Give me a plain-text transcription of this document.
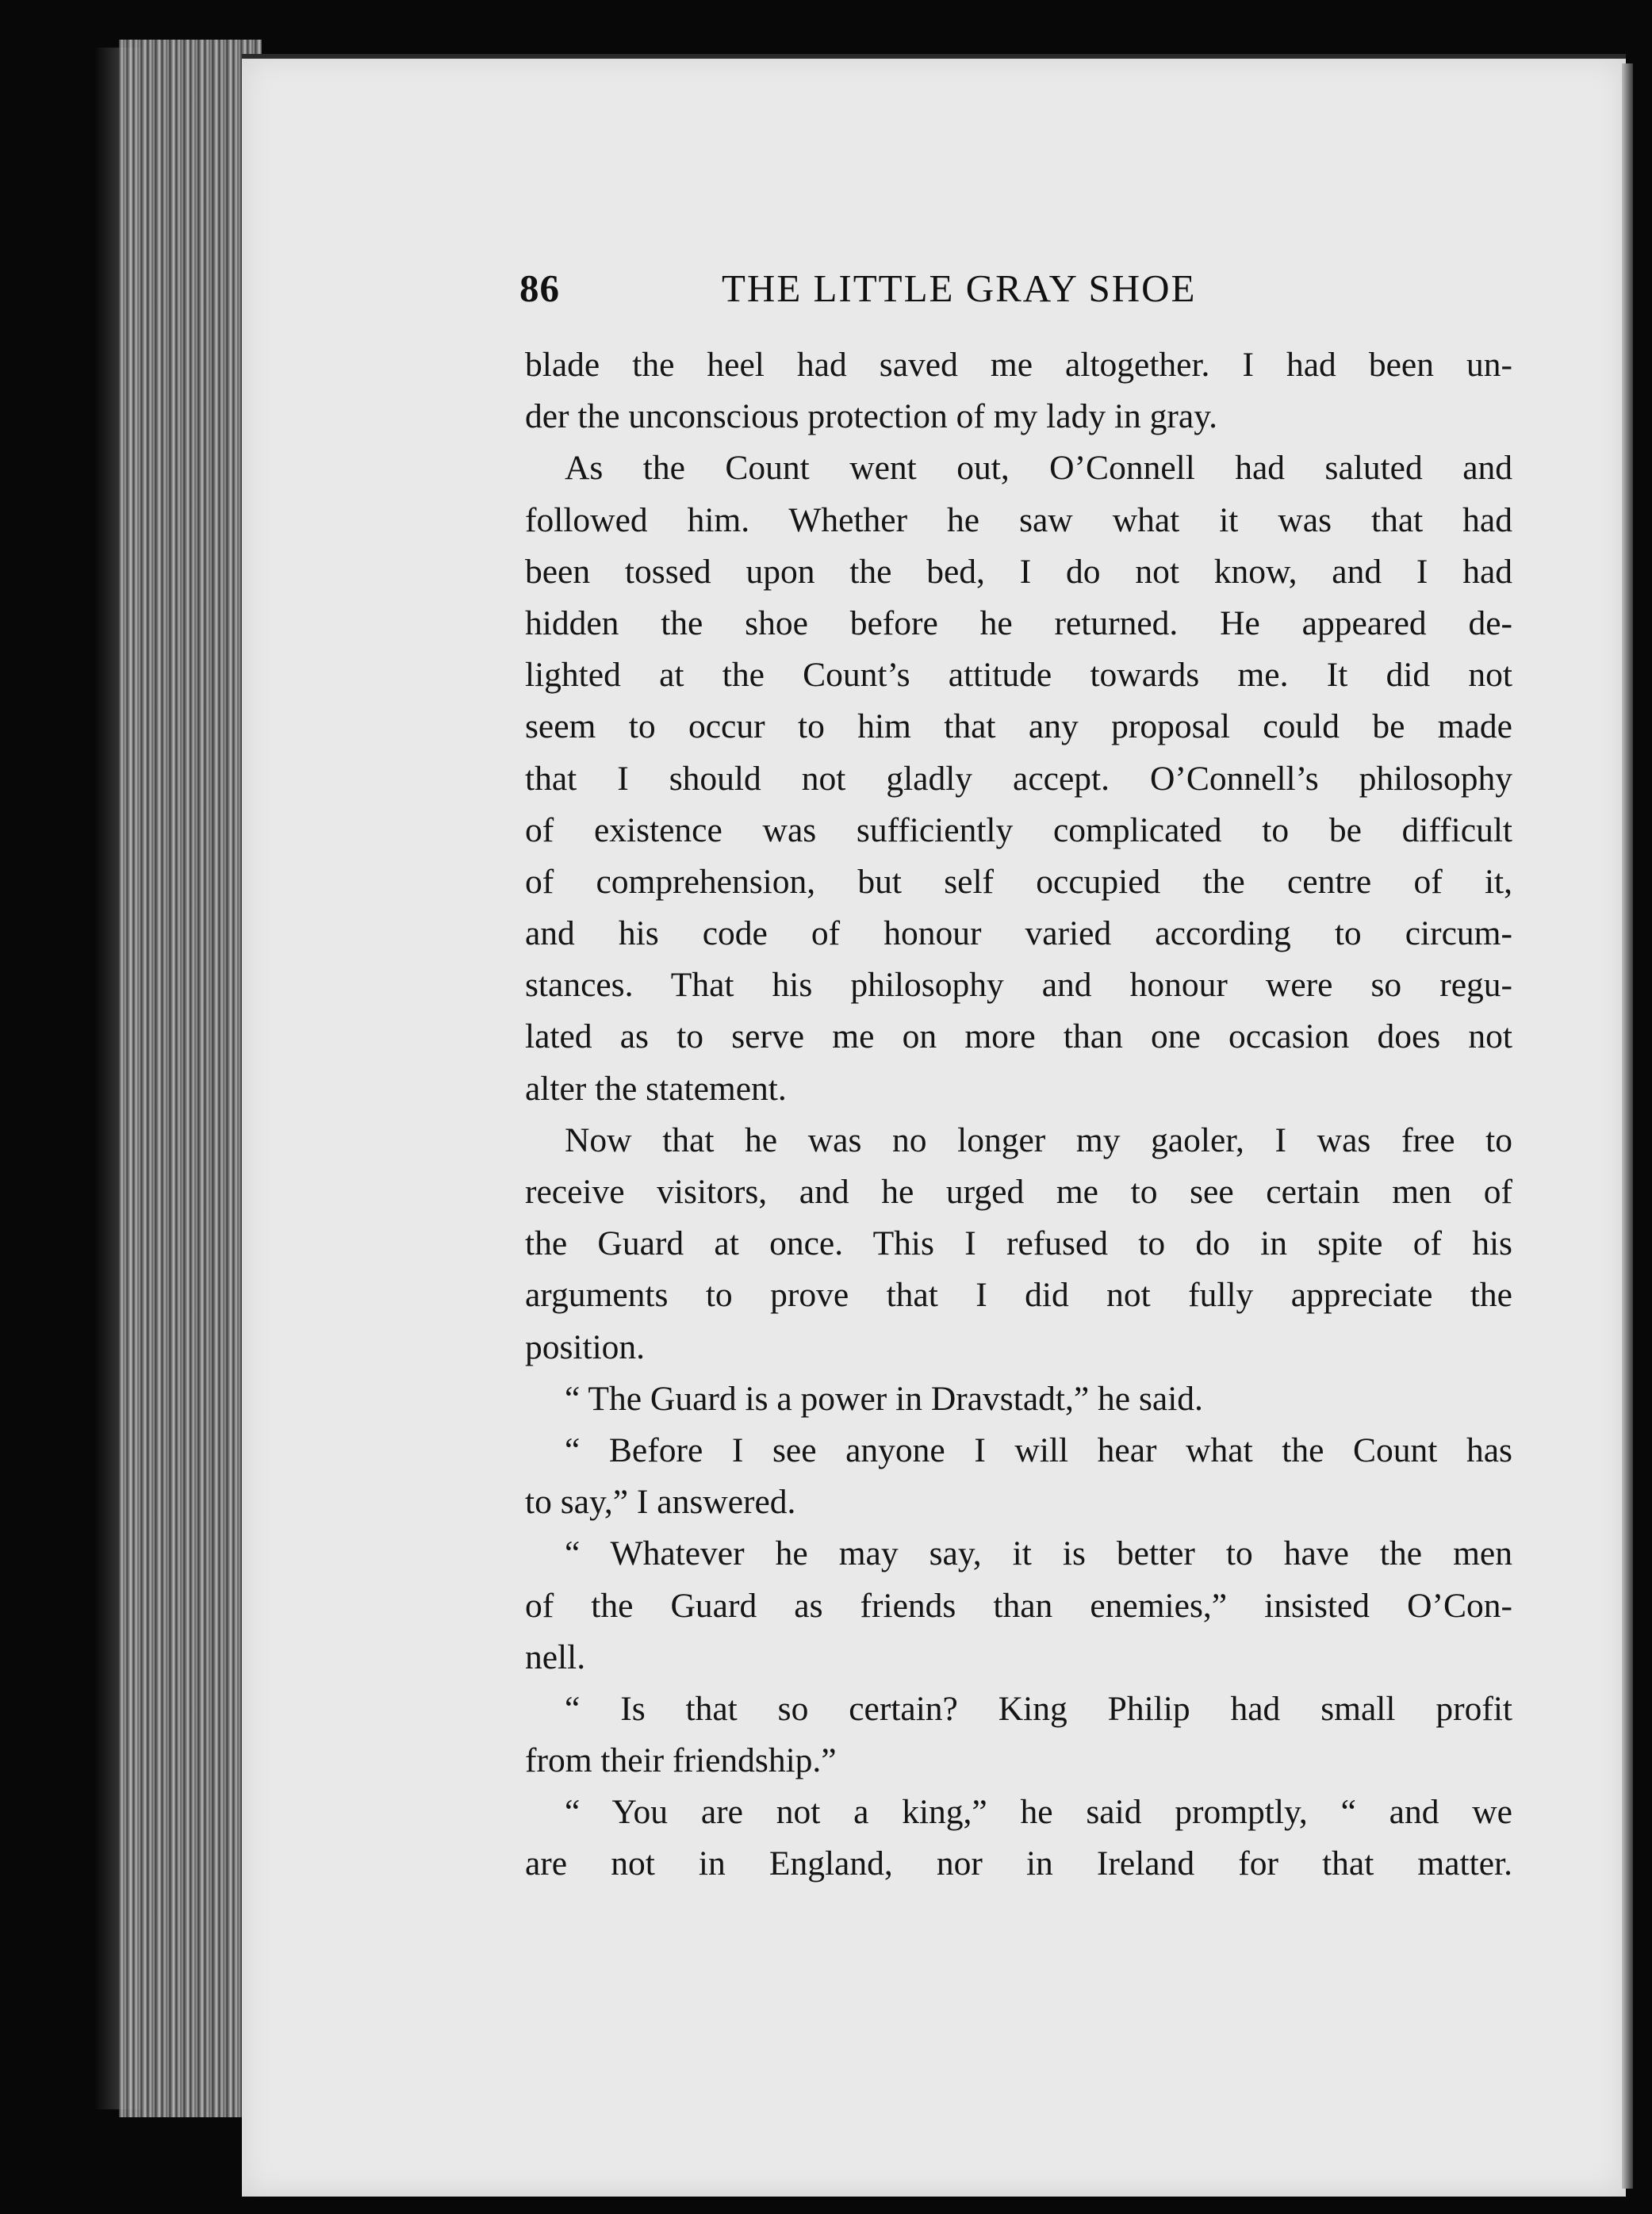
86	THE LITTLE GRAY SHOE
blade the heel had saved me altogether. I had been un-
der the unconscious protection of my lady in gray.
As the Count went out, O’Connell had saluted and
followed him. Whether he saw what it was that had
been tossed upon the bed, I do not know, and I had
hidden the shoe before he returned. He appeared de-
lighted at the Count’s attitude towards me. It did not
seem to occur to him that any proposal could be made
that I should not gladly accept. O’Connell’s philosophy
of existence was sufficiently complicated to be difficult
of comprehension, but self occupied the centre of it,
and his code of honour varied according to circum-
stances. That his philosophy and honour were so regu-
lated as to serve me on more than one occasion does not
alter the statement.
Now that he was no longer my gaoler, I was free to
receive visitors, and he urged me to see certain men of
the Guard at once. This I refused to do in spite of his
arguments to prove that I did not fully appreciate the
position.
“ The Guard is a power in Dravstadt,” he said.
“ Before I see anyone I will hear what the Count has
to say,” I answered.
“ Whatever he may say, it is better to have the men
of the Guard as friends than enemies,” insisted O’Con-
nell.
“ Is that so certain? King Philip had small profit
from their friendship.”
“ You are not a king,” he said promptly, “ and we
are not in England, nor in Ireland for that matter.
